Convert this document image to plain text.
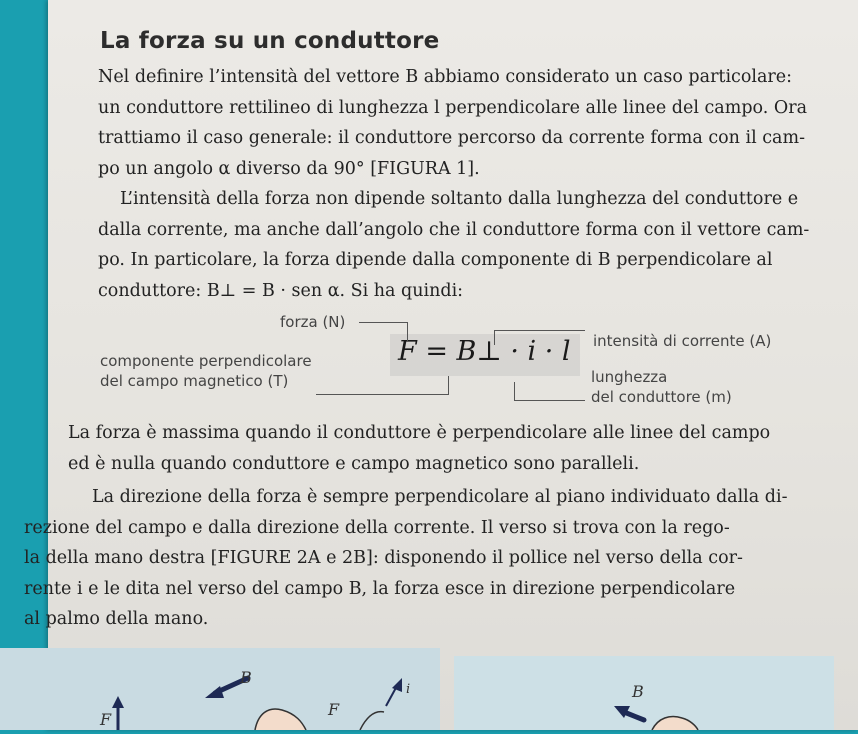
La forza su un conduttore
Nel definire l’intensità del vettore B abbiamo considerato un caso particolare:
un conduttore rettilineo di lunghezza l perpendicolare alle linee del campo. Ora
trattiamo il caso generale: il conduttore percorso da corrente forma con il cam-
po un angolo α diverso da 90° [FIGURA 1].
L’intensità della forza non dipende soltanto dalla lunghezza del conduttore e
dalla corrente, ma anche dall’angolo che il conduttore forma con il vettore cam-
po. In particolare, la forza dipende dalla componente di B perpendicolare al
conduttore: B⊥ = B · sen α. Si ha quindi:
F = B⊥ · i · l
forza (N)
componente perpendicolare
del campo magnetico (T)
intensità di corrente (A)
lunghezza
del conduttore (m)
La forza è massima quando il conduttore è perpendicolare alle linee del campo
ed è nulla quando conduttore e campo magnetico sono paralleli.
La direzione della forza è sempre perpendicolare al piano individuato dalla di-
rezione del campo e dalla direzione della corrente. Il verso si trova con la rego-
la della mano destra [FIGURE 2A e 2B]: disponendo il pollice nel verso della cor-
rente i e le dita nel verso del campo B, la forza esce in direzione perpendicolare
al palmo della mano.
B
F
F
i	B
